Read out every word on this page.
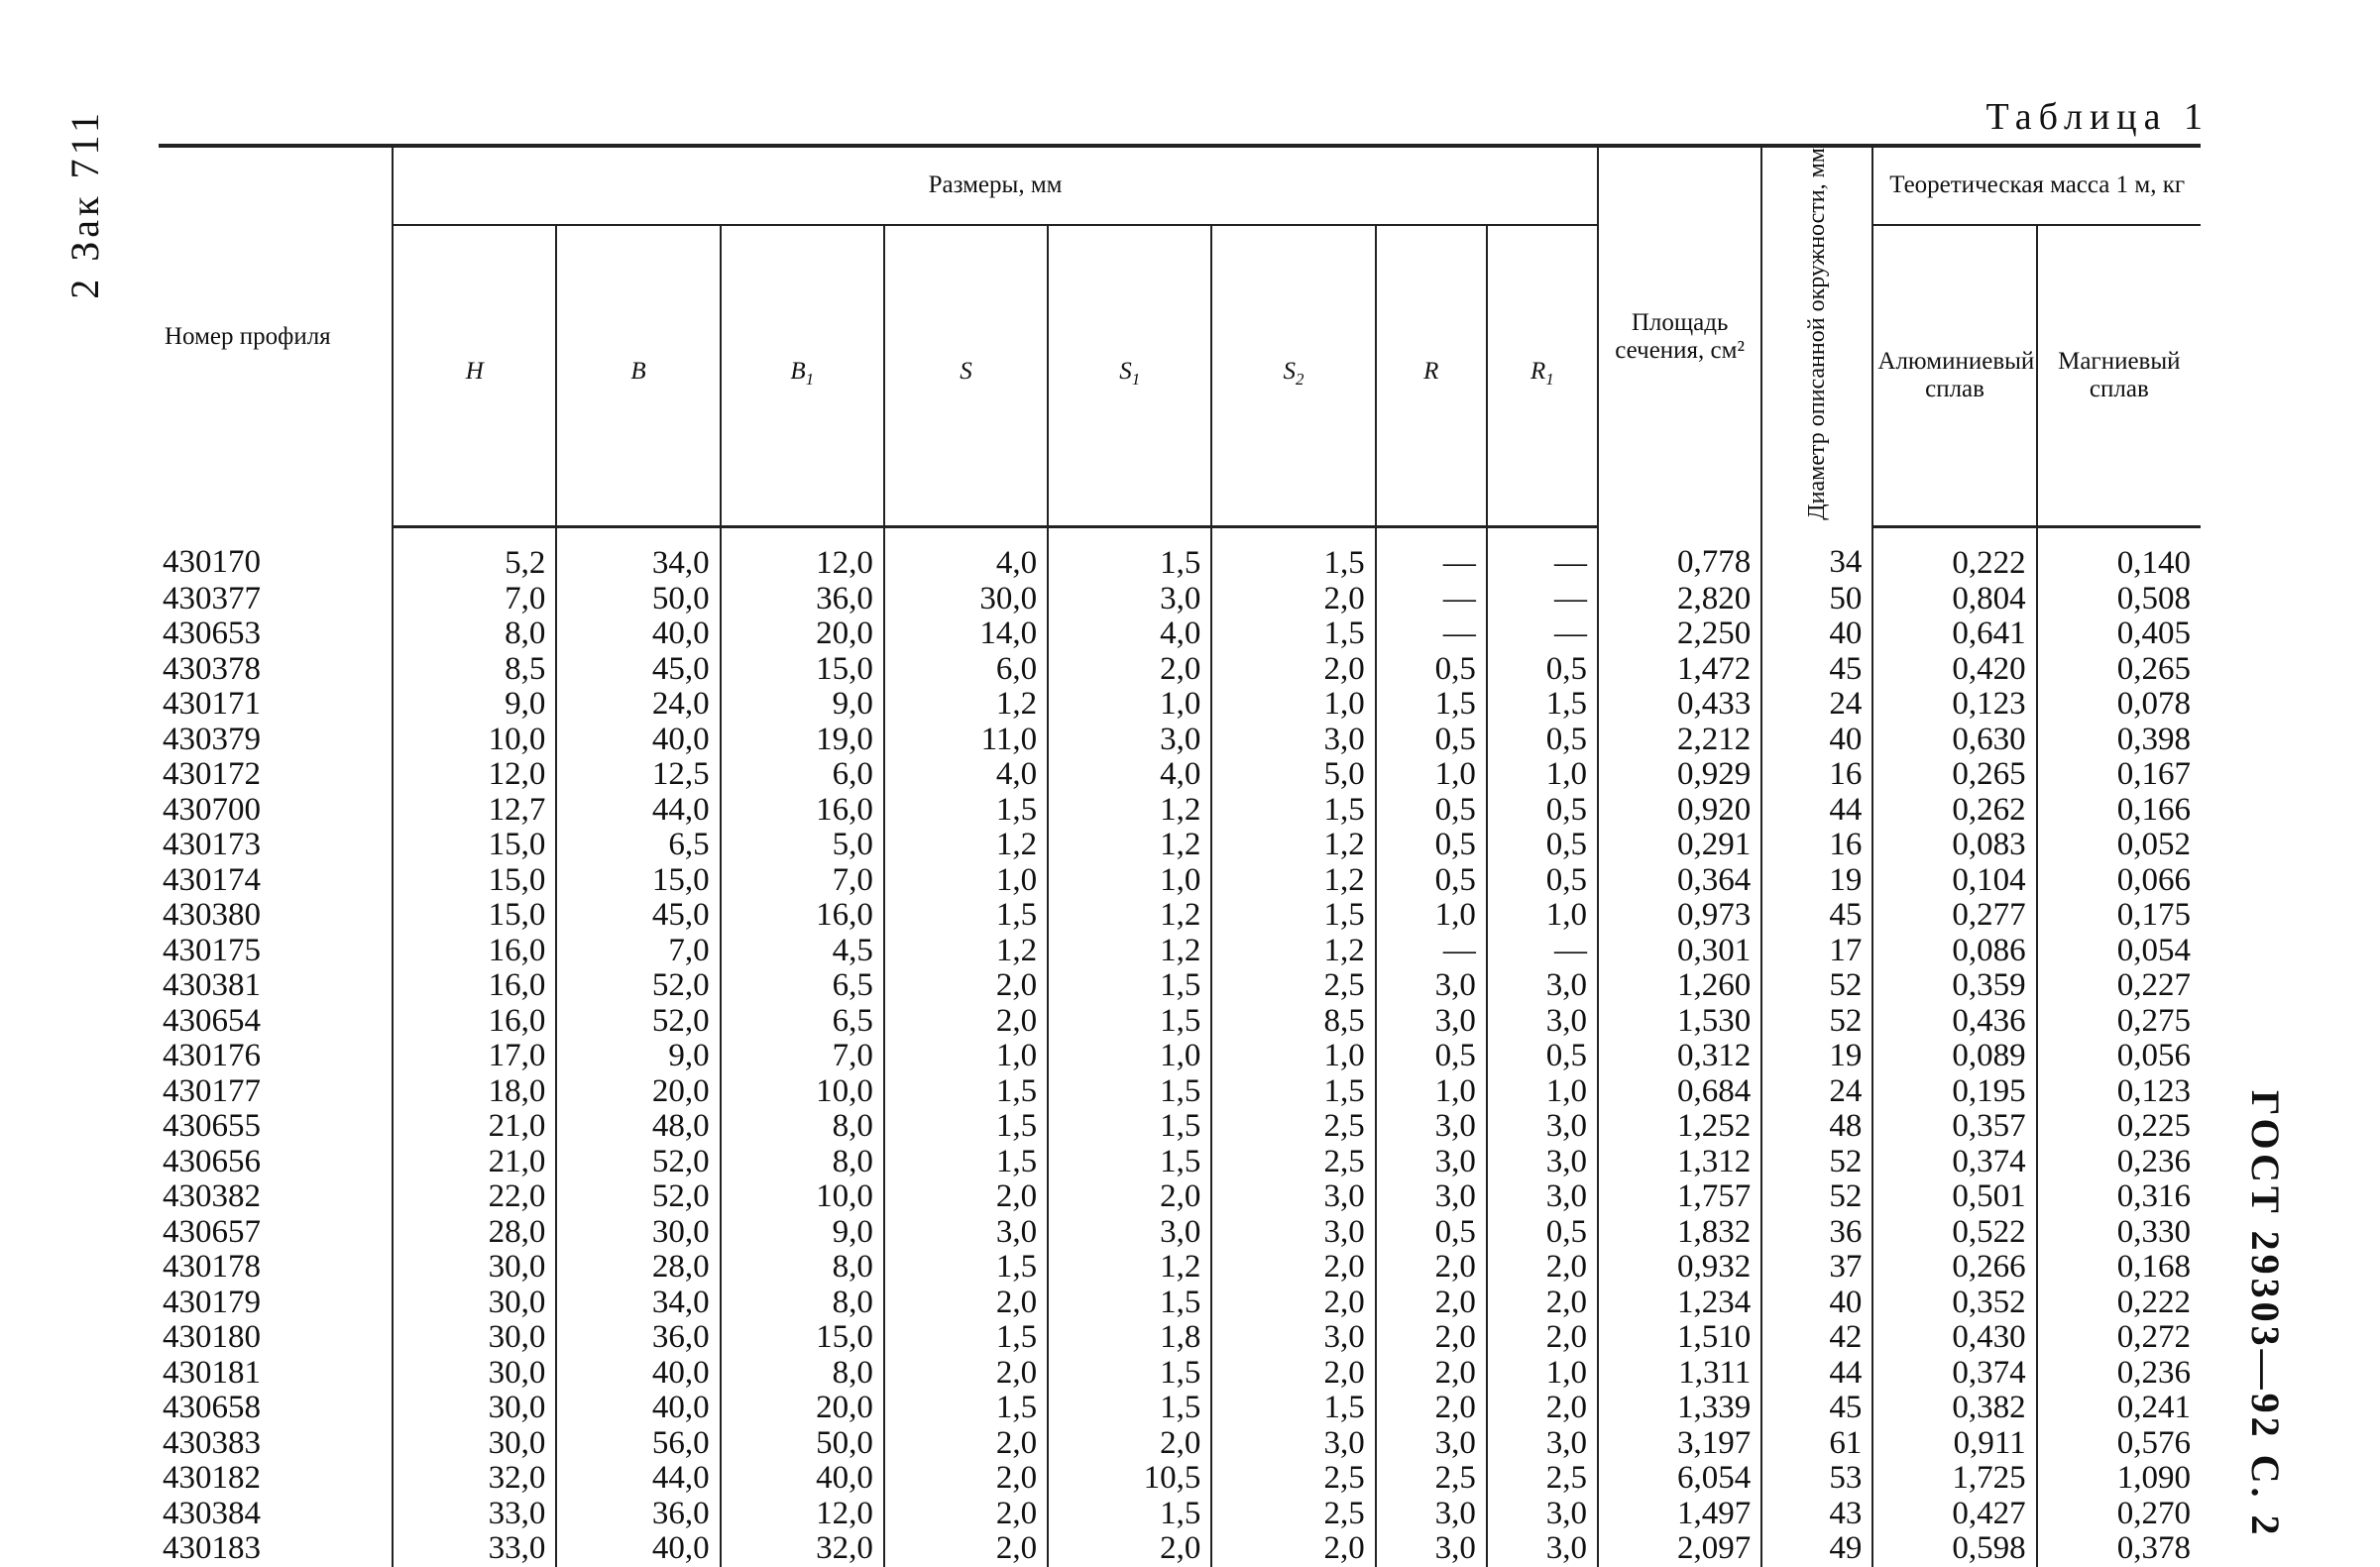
2 Зак 711
ГОСТ 29303—92 С. 2
Таблица 1
Номер профиля	Размеры, мм								Площадь сечения, см²	Диаметр описанной окружности, мм	Теоретическая масса 1 м, кг	
	H	B	$B_1$	S	$S_1$	$S_2$	R	$R_1$			Алюминиевый сплав	Магниевый сплав
430170	5,2	34,0	12,0	4,0	1,5	1,5	—	—	0,778	34	0,222	0,140
430377	7,0	50,0	36,0	30,0	3,0	2,0	—	—	2,820	50	0,804	0,508
430653	8,0	40,0	20,0	14,0	4,0	1,5	—	—	2,250	40	0,641	0,405
430378	8,5	45,0	15,0	6,0	2,0	2,0	0,5	0,5	1,472	45	0,420	0,265
430171	9,0	24,0	9,0	1,2	1,0	1,0	1,5	1,5	0,433	24	0,123	0,078
430379	10,0	40,0	19,0	11,0	3,0	3,0	0,5	0,5	2,212	40	0,630	0,398
430172	12,0	12,5	6,0	4,0	4,0	5,0	1,0	1,0	0,929	16	0,265	0,167
430700	12,7	44,0	16,0	1,5	1,2	1,5	0,5	0,5	0,920	44	0,262	0,166
430173	15,0	6,5	5,0	1,2	1,2	1,2	0,5	0,5	0,291	16	0,083	0,052
430174	15,0	15,0	7,0	1,0	1,0	1,2	0,5	0,5	0,364	19	0,104	0,066
430380	15,0	45,0	16,0	1,5	1,2	1,5	1,0	1,0	0,973	45	0,277	0,175
430175	16,0	7,0	4,5	1,2	1,2	1,2	—	—	0,301	17	0,086	0,054
430381	16,0	52,0	6,5	2,0	1,5	2,5	3,0	3,0	1,260	52	0,359	0,227
430654	16,0	52,0	6,5	2,0	1,5	8,5	3,0	3,0	1,530	52	0,436	0,275
430176	17,0	9,0	7,0	1,0	1,0	1,0	0,5	0,5	0,312	19	0,089	0,056
430177	18,0	20,0	10,0	1,5	1,5	1,5	1,0	1,0	0,684	24	0,195	0,123
430655	21,0	48,0	8,0	1,5	1,5	2,5	3,0	3,0	1,252	48	0,357	0,225
430656	21,0	52,0	8,0	1,5	1,5	2,5	3,0	3,0	1,312	52	0,374	0,236
430382	22,0	52,0	10,0	2,0	2,0	3,0	3,0	3,0	1,757	52	0,501	0,316
430657	28,0	30,0	9,0	3,0	3,0	3,0	0,5	0,5	1,832	36	0,522	0,330
430178	30,0	28,0	8,0	1,5	1,2	2,0	2,0	2,0	0,932	37	0,266	0,168
430179	30,0	34,0	8,0	2,0	1,5	2,0	2,0	2,0	1,234	40	0,352	0,222
430180	30,0	36,0	15,0	1,5	1,8	3,0	2,0	2,0	1,510	42	0,430	0,272
430181	30,0	40,0	8,0	2,0	1,5	2,0	2,0	1,0	1,311	44	0,374	0,236
430658	30,0	40,0	20,0	1,5	1,5	1,5	2,0	2,0	1,339	45	0,382	0,241
430383	30,0	56,0	50,0	2,0	2,0	3,0	3,0	3,0	3,197	61	0,911	0,576
430182	32,0	44,0	40,0	2,0	10,5	2,5	2,5	2,5	6,054	53	1,725	1,090
430384	33,0	36,0	12,0	2,0	1,5	2,5	3,0	3,0	1,497	43	0,427	0,270
430183	33,0	40,0	32,0	2,0	2,0	2,0	3,0	3,0	2,097	49	0,598	0,378
